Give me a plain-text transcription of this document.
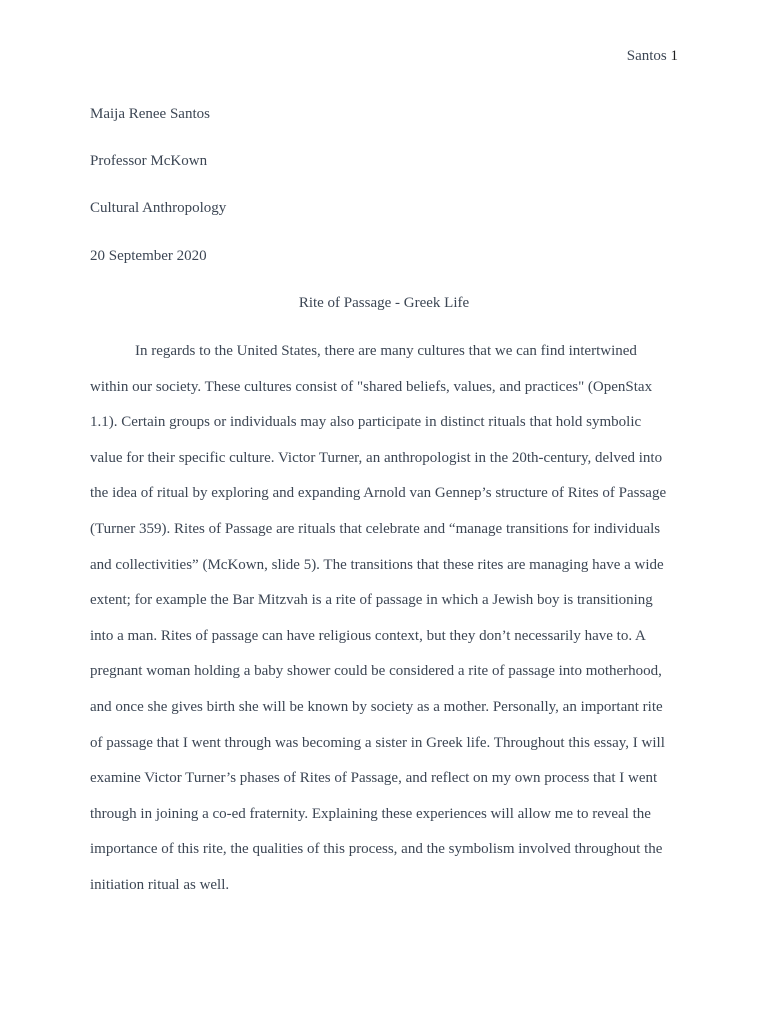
Santos 1
Maija Renee Santos
Professor McKown
Cultural Anthropology
20 September 2020
Rite of Passage - Greek Life
In regards to the United States, there are many cultures that we can find intertwined
within our society. These cultures consist of "shared beliefs, values, and practices" (OpenStax
1.1). Certain groups or individuals may also participate in distinct rituals that hold symbolic
value for their specific culture. Victor Turner, an anthropologist in the 20th-century, delved into
the idea of ritual by exploring and expanding Arnold van Gennep’s structure of Rites of Passage
(Turner 359). Rites of Passage are rituals that celebrate and “manage transitions for individuals
and collectivities” (McKown, slide 5). The transitions that these rites are managing have a wide
extent; for example the Bar Mitzvah is a rite of passage in which a Jewish boy is transitioning
into a man. Rites of passage can have religious context, but they don’t necessarily have to. A
pregnant woman holding a baby shower could be considered a rite of passage into motherhood,
and once she gives birth she will be known by society as a mother. Personally, an important rite
of passage that I went through was becoming a sister in Greek life. Throughout this essay, I will
examine Victor Turner’s phases of Rites of Passage, and reflect on my own process that I went
through in joining a co-ed fraternity. Explaining these experiences will allow me to reveal the
importance of this rite, the qualities of this process, and the symbolism involved throughout the
initiation ritual as well.
